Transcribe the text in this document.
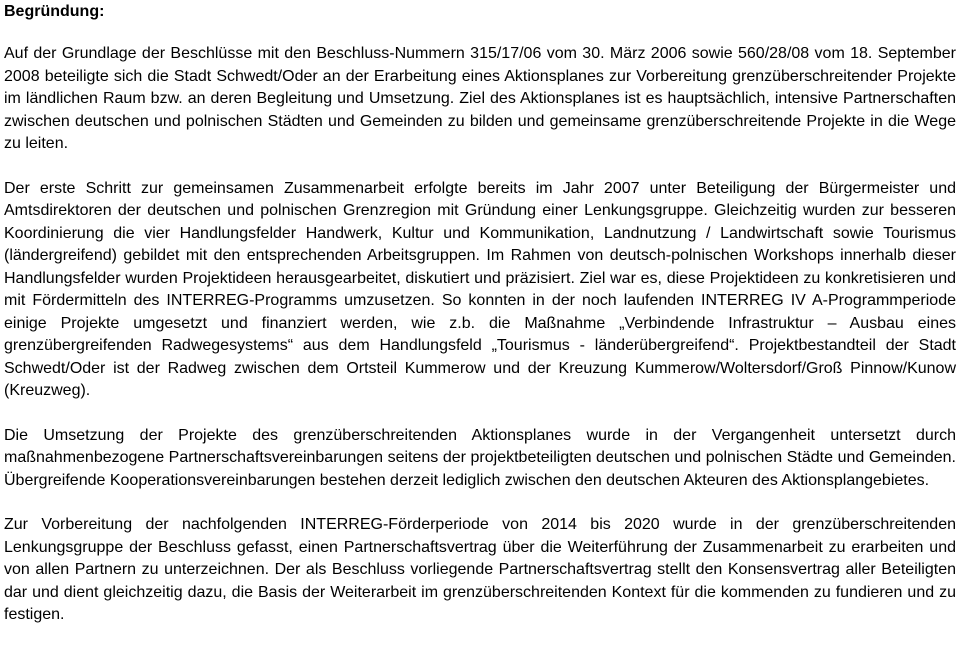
Begründung:

Auf der Grundlage der Beschlüsse mit den Beschluss-Nummern 315/17/06 vom 30. März 2006 sowie 560/28/08 vom 18. September 2008 beteiligte sich die Stadt Schwedt/Oder an der Erarbeitung eines Aktionsplanes zur Vorbereitung grenzüberschreitender Projekte im ländlichen Raum bzw. an deren Begleitung und Umsetzung. Ziel des Aktionsplanes ist es hauptsächlich, intensive Partnerschaften zwischen deutschen und polnischen Städten und Gemeinden zu bilden und gemeinsame grenzüberschreitende Projekte in die Wege zu leiten.

Der erste Schritt zur gemeinsamen Zusammenarbeit erfolgte bereits im Jahr 2007 unter Beteiligung der Bürgermeister und Amtsdirektoren der deutschen und polnischen Grenzregion mit Gründung einer Lenkungsgruppe. Gleichzeitig wurden zur besseren Koordinierung die vier Handlungsfelder Handwerk, Kultur und Kommunikation, Landnutzung / Landwirtschaft sowie Tourismus (ländergreifend) gebildet mit den entsprechenden Arbeitsgruppen. Im Rahmen von deutsch-polnischen Workshops innerhalb dieser Handlungsfelder wurden Projektideen herausgearbeitet, diskutiert und präzisiert. Ziel war es, diese Projektideen zu konkretisieren und mit Fördermitteln des INTERREG-Programms umzusetzen. So konnten in der noch laufenden INTERREG IV A-Programmperiode einige Projekte umgesetzt und finanziert werden, wie z.b. die Maßnahme „Verbindende Infrastruktur – Ausbau eines grenzübergreifenden Radwegesystems“ aus dem Handlungsfeld „Tourismus - länderübergreifend“. Projektbestandteil der Stadt Schwedt/Oder ist der Radweg zwischen dem Ortsteil Kummerow und der Kreuzung Kummerow/Woltersdorf/Groß Pinnow/Kunow (Kreuzweg).

Die Umsetzung der Projekte des grenzüberschreitenden Aktionsplanes wurde in der Vergangenheit untersetzt durch maßnahmenbezogene Partnerschaftsvereinbarungen seitens der projektbeteiligten deutschen und polnischen Städte und Gemeinden. Übergreifende Kooperationsvereinbarungen bestehen derzeit lediglich zwischen den deutschen Akteuren des Aktionsplangebietes.

Zur Vorbereitung der nachfolgenden INTERREG-Förderperiode von 2014 bis 2020 wurde in der grenzüberschreitenden Lenkungsgruppe der Beschluss gefasst, einen Partnerschaftsvertrag über die Weiterführung der Zusammenarbeit zu erarbeiten und von allen Partnern zu unterzeichnen. Der als Beschluss vorliegende Partnerschaftsvertrag stellt den Konsensvertrag aller Beteiligten dar und dient gleichzeitig dazu, die Basis der Weiterarbeit im grenzüberschreitenden Kontext für die kommenden zu fundieren und zu festigen.
